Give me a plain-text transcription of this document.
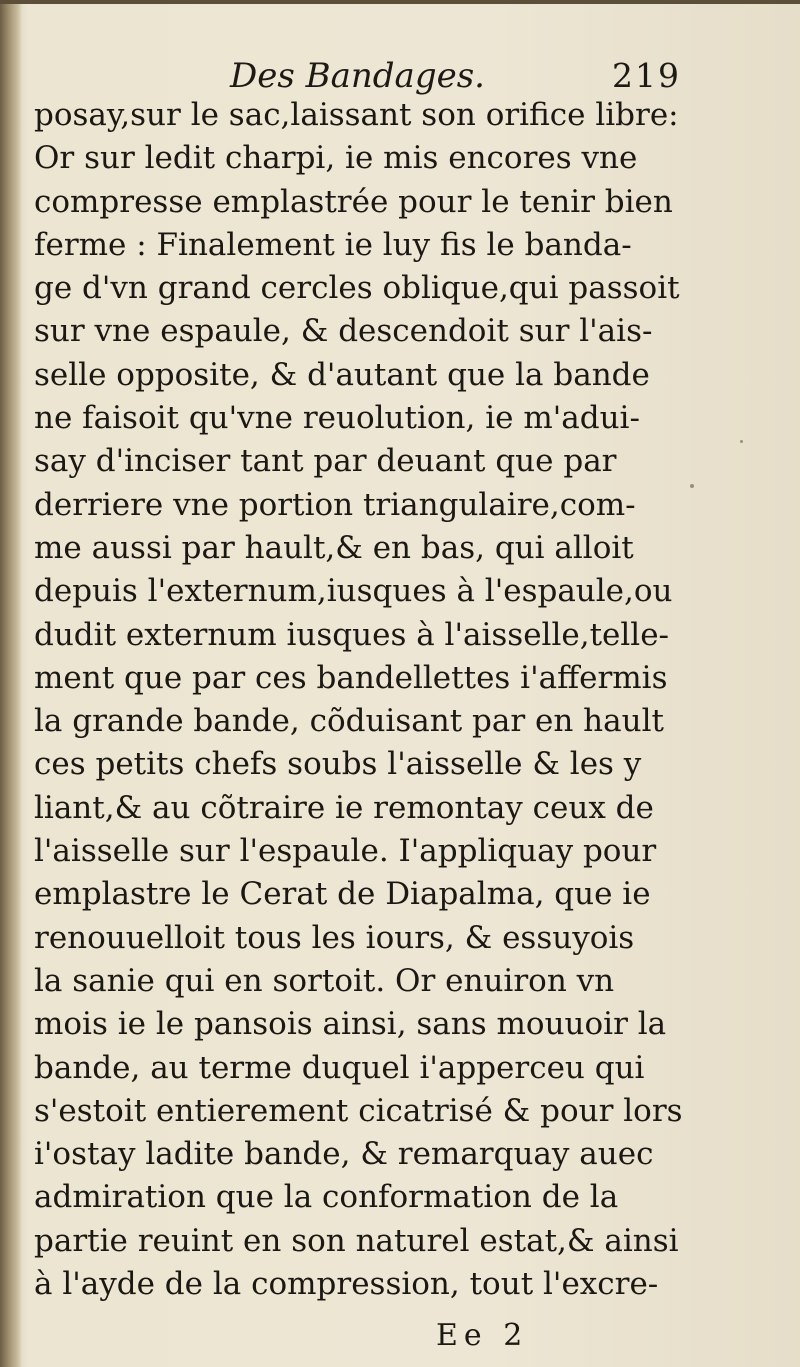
Des Bandages.	219
posay,sur le sac,laissant son orifice libre:
Or sur ledit charpi, ie mis encores vne
compresse emplastrée pour le tenir bien
ferme : Finalement ie luy fis le banda-
ge d'vn grand cercles oblique,qui passoit
sur vne espaule, & descendoit sur l'ais-
selle opposite, & d'autant que la bande
ne faisoit qu'vne reuolution, ie m'adui-
say d'inciser tant par deuant que par
derriere vne portion triangulaire,com-
me aussi par hault,& en bas, qui alloit
depuis l'externum,iusques à l'espaule,ou
dudit externum iusques à l'aisselle,telle-
ment que par ces bandellettes i'affermis
la grande bande, cõduisant par en hault
ces petits chefs soubs l'aisselle & les y
liant,& au cõtraire ie remontay ceux de
l'aisselle sur l'espaule. I'appliquay pour
emplastre le Cerat de Diapalma, que ie
renouuelloit tous les iours, & essuyois
la sanie qui en sortoit. Or enuiron vn
mois ie le pansois ainsi, sans mouuoir la
bande, au terme duquel i'apperceu qui
s'estoit entierement cicatrisé & pour lors
i'ostay ladite bande, & remarquay auec
admiration que la conformation de la
partie reuint en son naturel estat,& ainsi
à l'ayde de la compression, tout l'excre-
Ee 2
